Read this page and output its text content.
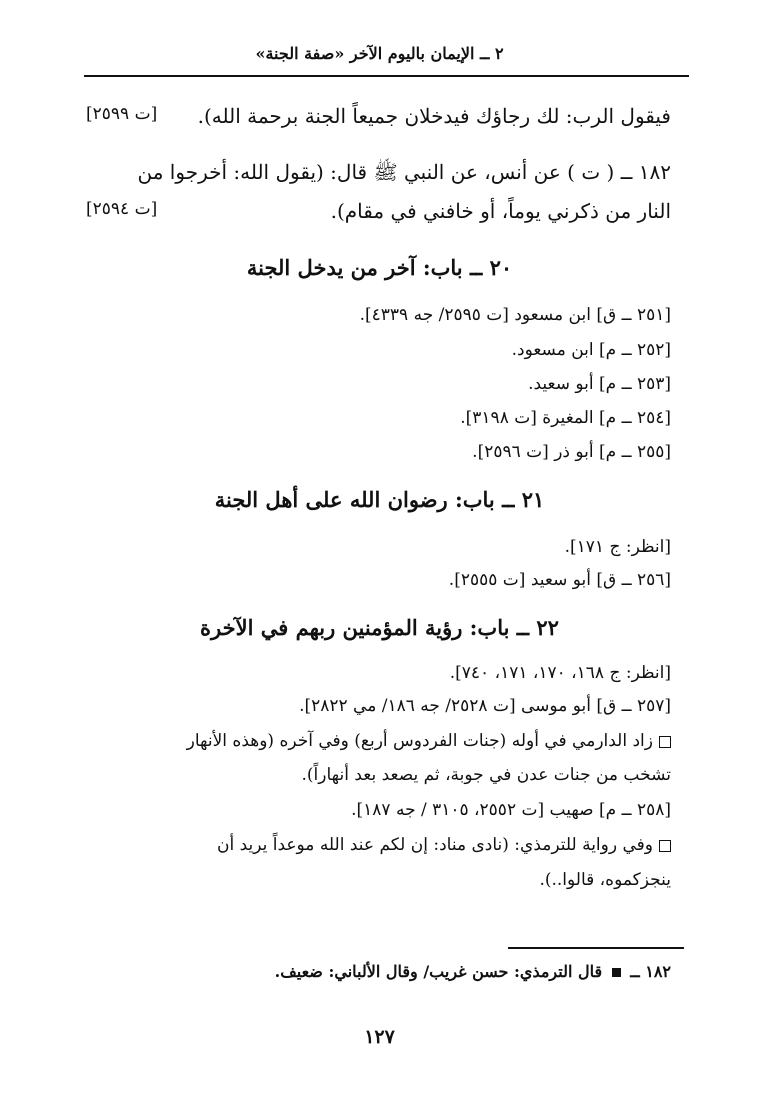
٢ ــ الإيمان باليوم الآخر «صفة الجنة»
فيقول الرب: لك رجاؤك فيدخلان جميعاً الجنة برحمة الله).
[ت ٢٥٩٩]
١٨٢ ــ ( ت ) عن أنس، عن النبي ﷺ قال: (يقول الله: أخرجوا من
النار من ذكرني يوماً، أو خافني في مقام).
[ت ٢٥٩٤]
٢٠ ــ باب: آخر من يدخل الجنة
[٢٥١ ــ ق] ابن مسعود [ت ٢٥٩٥/ جه ٤٣٣٩].
[٢٥٢ ــ م] ابن مسعود.
[٢٥٣ ــ م] أبو سعيد.
[٢٥٤ ــ م] المغيرة [ت ٣١٩٨].
[٢٥٥ ــ م] أبو ذر [ت ٢٥٩٦].
٢١ ــ باب: رضوان الله على أهل الجنة
[انظر: ج ١٧١].
[٢٥٦ ــ ق] أبو سعيد [ت ٢٥٥٥].
٢٢ ــ باب: رؤية المؤمنين ربهم في الآخرة
[انظر: ج ١٦٨، ١٧٠، ١٧١، ٧٤٠].
[٢٥٧ ــ ق] أبو موسى [ت ٢٥٢٨/ جه ١٨٦/ مي ٢٨٢٢].
زاد الدارمي في أوله (جنات الفردوس أربع) وفي آخره (وهذه الأنهار
تشخب من جنات عدن في جوبة، ثم يصعد بعد أنهاراً).
[٢٥٨ ــ م] صهيب [ت ٢٥٥٢، ٣١٠٥ / جه ١٨٧].
وفي رواية للترمذي: (نادى مناد: إن لكم عند الله موعداً يريد أن
ينجزكموه، قالوا..).
١٨٢ ــ  قال الترمذي: حسن غريب/ وقال الألباني: ضعيف.
١٢٧
